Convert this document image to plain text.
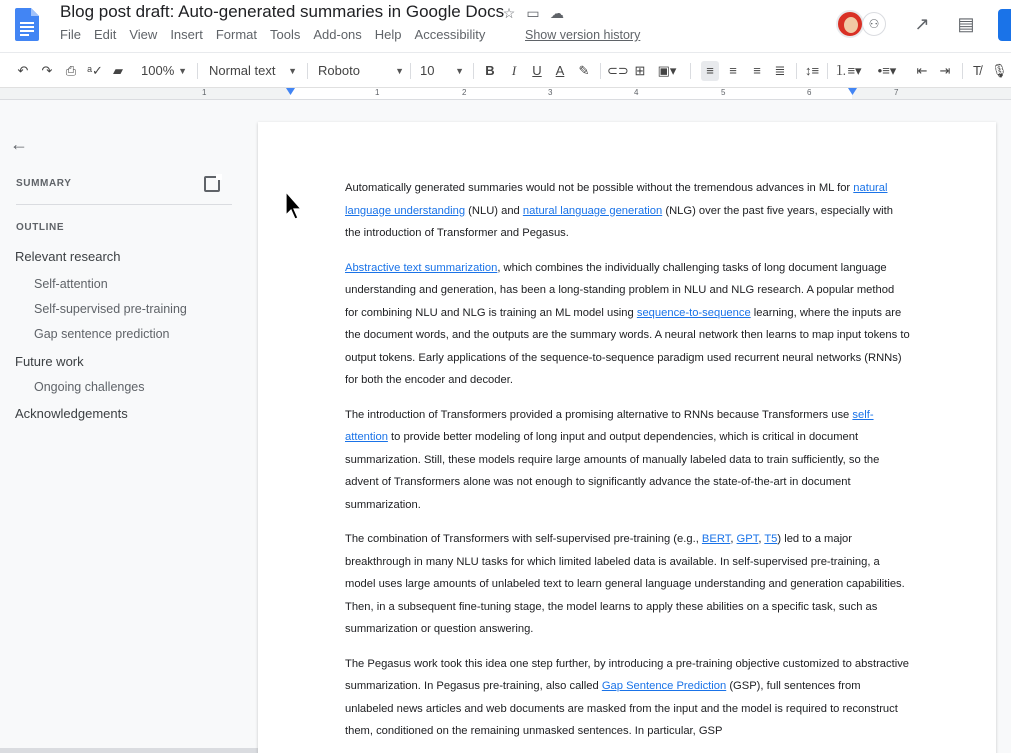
Blog post draft: Auto-generated summaries in Google Docs
☆ ▭ ☁
File Edit View Insert Format Tools Add-ons Help Accessibility	Show version history
⚇	↗ ▤
↶ ↷ ⎙ ᵃ✓ ▰	100% ▼ Normal text ▼ Roboto	▼ 10 ▼ B	I	U A ✎ ⊂⊃ ⊞ ▣▾	≡	≡	≡	≣ ↕≡ ⒈≡▾	•≡▾	⇤ ⇥	T̸ 🎙
1	1	2	3	4	5	6	7
←
SUMMARY
OUTLINE
Relevant research
Self-attention
Self-supervised pre-training
Gap sentence prediction
Future work
Ongoing challenges
Acknowledgements

Automatically generated summaries would not be possible without the tremendous advances in ML for natural language understanding (NLU) and natural language generation (NLG) over the past five years, especially with the introduction of Transformer and Pegasus.

Abstractive text summarization, which combines the individually challenging tasks of long document language understanding and generation, has been a long-standing problem in NLU and NLG research. A popular method for combining NLU and NLG is training an ML model using sequence-to-sequence learning, where the inputs are the document words, and the outputs are the summary words. A neural network then learns to map input tokens to output tokens. Early applications of the sequence-to-sequence paradigm used recurrent neural networks (RNNs) for both the encoder and decoder.

The introduction of Transformers provided a promising alternative to RNNs because Transformers use self-attention to provide better modeling of long input and output dependencies, which is critical in document summarization. Still, these models require large amounts of manually labeled data to train sufficiently, so the advent of Transformers alone was not enough to significantly advance the state-of-the-art in document summarization.

The combination of Transformers with self-supervised pre-training (e.g., BERT, GPT, T5) led to a major breakthrough in many NLU tasks for which limited labeled data is available. In self-supervised pre-training, a model uses large amounts of unlabeled text to learn general language understanding and generation capabilities. Then, in a subsequent fine-tuning stage, the model learns to apply these abilities on a specific task, such as summarization or question answering.

The Pegasus work took this idea one step further, by introducing a pre-training objective customized to abstractive summarization. In Pegasus pre-training, also called Gap Sentence Prediction (GSP), full sentences from unlabeled news articles and web documents are masked from the input and the model is required to reconstruct them, conditioned on the remaining unmasked sentences. In particular, GSP
